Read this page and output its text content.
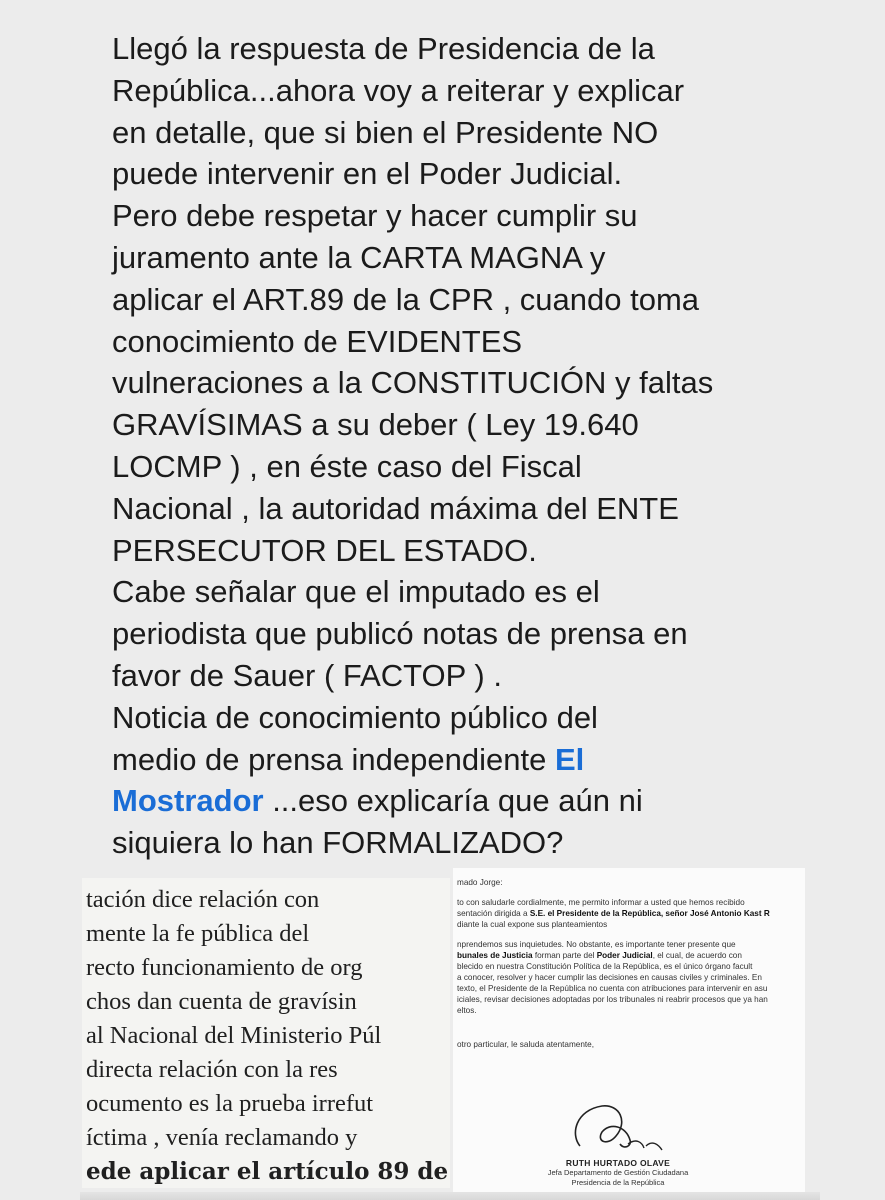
Llegó la respuesta de Presidencia de la
República...ahora voy a reiterar y explicar
en detalle, que si bien el Presidente NO
puede intervenir en el Poder Judicial.
Pero debe respetar y hacer cumplir su
juramento ante la CARTA MAGNA y
aplicar el ART.89 de la CPR , cuando toma
conocimiento de EVIDENTES
vulneraciones a la CONSTITUCIÓN y faltas
GRAVÍSIMAS a su deber ( Ley 19.640
LOCMP ) , en éste caso del Fiscal
Nacional , la autoridad máxima del ENTE
PERSECUTOR DEL ESTADO.
Cabe señalar que el imputado es el
periodista que publicó notas de prensa en
favor de Sauer ( FACTOP ) .
Noticia de conocimiento público del
medio de prensa independiente El
Mostrador ...eso explicaría que aún ni
siquiera lo han FORMALIZADO?
tación dice relación con
mente la fe pública del
recto funcionamiento de org
chos dan cuenta de gravísin
al Nacional del Ministerio Púl
directa relación con la res
ocumento es la prueba irrefut
íctima , venía reclamando y
ede aplicar el artículo 89 de
mado Jorge:
to con saludarle cordialmente, me permito informar a usted que hemos recibido
sentación dirigida a S.E. el Presidente de la República, señor José Antonio Kast R
diante la cual expone sus planteamientos
nprendemos sus inquietudes. No obstante, es importante tener presente que
bunales de Justicia forman parte del Poder Judicial, el cual, de acuerdo con
blecido en nuestra Constitución Política de la República, es el único órgano facult
a conocer, resolver y hacer cumplir las decisiones en causas civiles y criminales. En
texto, el Presidente de la República no cuenta con atribuciones para intervenir en asu
iciales, revisar decisiones adoptadas por los tribunales ni reabrir procesos que ya han
eltos.
otro particular, le saluda atentamente,
RUTH HURTADO OLAVE
Jefa Departamento de Gestión Ciudadana
Presidencia de la República
